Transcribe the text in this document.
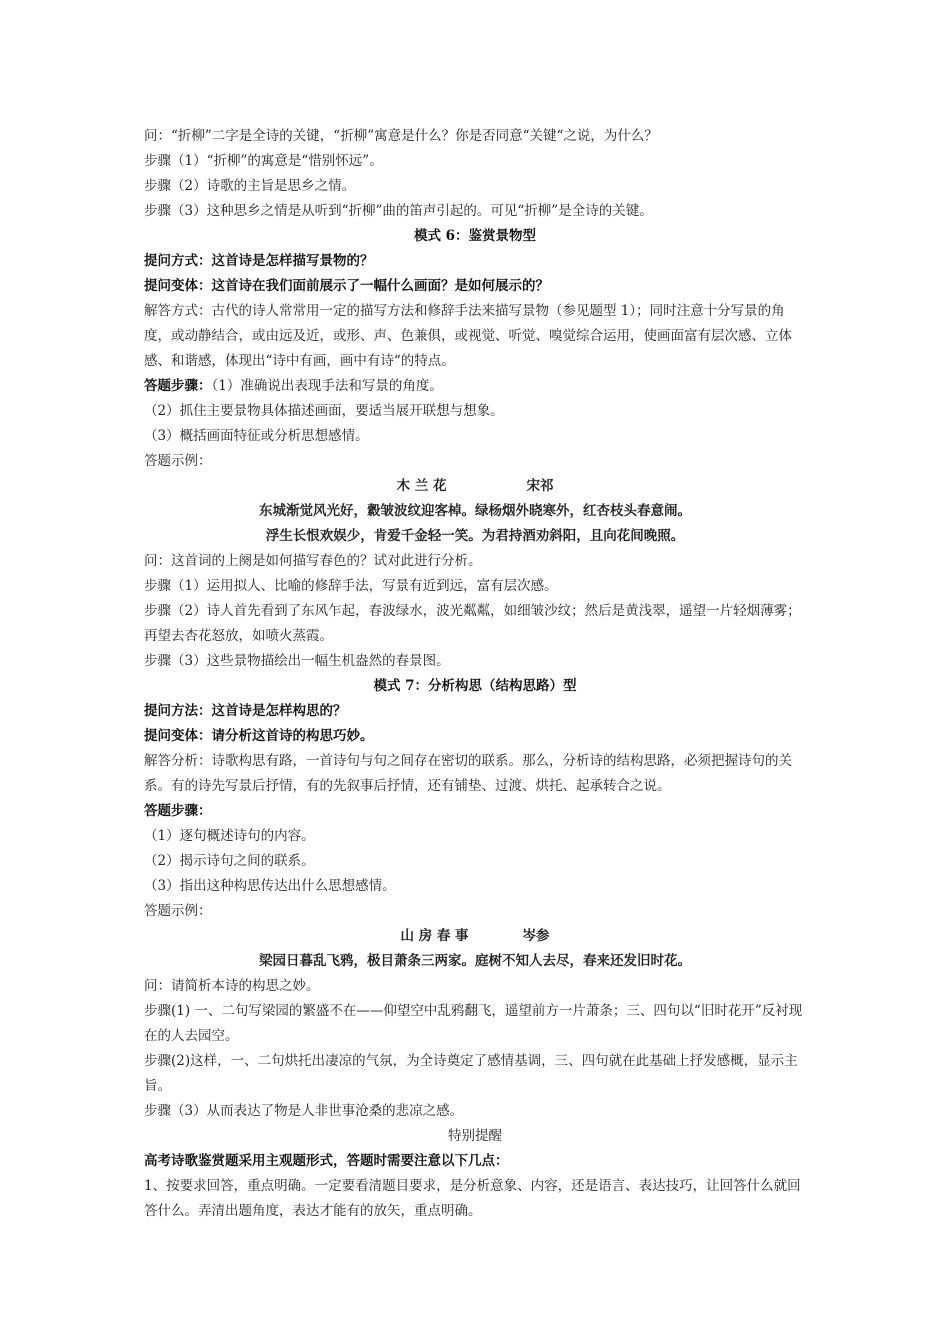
问：“折柳”二字是全诗的关键，“折柳”寓意是什么？你是否同意“关键“之说，为什么？

步骤（1）“折柳”的寓意是“惜别怀远”。

步骤（2）诗歌的主旨是思乡之情。

步骤（3）这种思乡之情是从听到“折柳”曲的笛声引起的。可见“折柳”是全诗的关键。

模式 6：鉴赏景物型

提问方式：这首诗是怎样描写景物的？

提问变体：这首诗在我们面前展示了一幅什么画面？是如何展示的？

解答方式：古代的诗人常常用一定的描写方法和修辞手法来描写景物（参见题型 1）；同时注意十分写景的角度，或动静结合，或由远及近，或形、声、色兼俱，或视觉、听觉、嗅觉综合运用，使画面富有层次感、立体感、和谐感，体现出“诗中有画，画中有诗“的特点。

答题步骤：（1）准确说出表现手法和写景的角度。

（2）抓住主要景物具体描述画面，要适当展开联想与想象。

（3）概括画面特征或分析思想感情。

答题示例：

木 兰 花	宋祁

东城渐觉风光好，縠皱波纹迎客棹。绿杨烟外晓寒外，红杏枝头春意闹。

浮生长恨欢娱少，肯爱千金轻一笑。为君持酒劝斜阳，且向花间晚照。

问：这首词的上阕是如何描写春色的？试对此进行分析。

步骤（1）运用拟人、比喻的修辞手法，写景有近到远，富有层次感。

步骤（2）诗人首先看到了东风乍起，春波绿水，波光粼粼，如细皱沙纹；然后是黄浅翠，遥望一片轻烟薄雾；再望去杏花怒放，如喷火蒸霞。

步骤（3）这些景物描绘出一幅生机盎然的春景图。

模式 7：分析构思（结构思路）型

提问方法：这首诗是怎样构思的？

提问变体：请分析这首诗的构思巧妙。

解答分析：诗歌构思有路，一首诗句与句之间存在密切的联系。那么，分析诗的结构思路，必须把握诗句的关系。有的诗先写景后抒情，有的先叙事后抒情，还有铺垫、过渡、烘托、起承转合之说。

答题步骤：

（1）逐句概述诗句的内容。

（2）揭示诗句之间的联系。

（3）指出这种构思传达出什么思想感情。

答题示例：

山 房 春 事	岑参

梁园日暮乱飞鸦，极目萧条三两家。庭树不知人去尽，春来还发旧时花。

问：请简析本诗的构思之妙。

步骤(1) 一、二句写梁园的繁盛不在——仰望空中乱鸦翻飞，遥望前方一片萧条；三、四句以“旧时花开”反衬现在的人去园空。

步骤(2)这样，一、二句烘托出凄凉的气氛，为全诗奠定了感情基调，三、四句就在此基础上抒发感概，显示主旨。

步骤（3）从而表达了物是人非世事沧桑的悲凉之感。

特别提醒

高考诗歌鉴赏题采用主观题形式，答题时需要注意以下几点：

1、按要求回答，重点明确。一定要看清题目要求，是分析意象、内容，还是语言、表达技巧，让回答什么就回答什么。弄清出题角度，表达才能有的放矢，重点明确。
